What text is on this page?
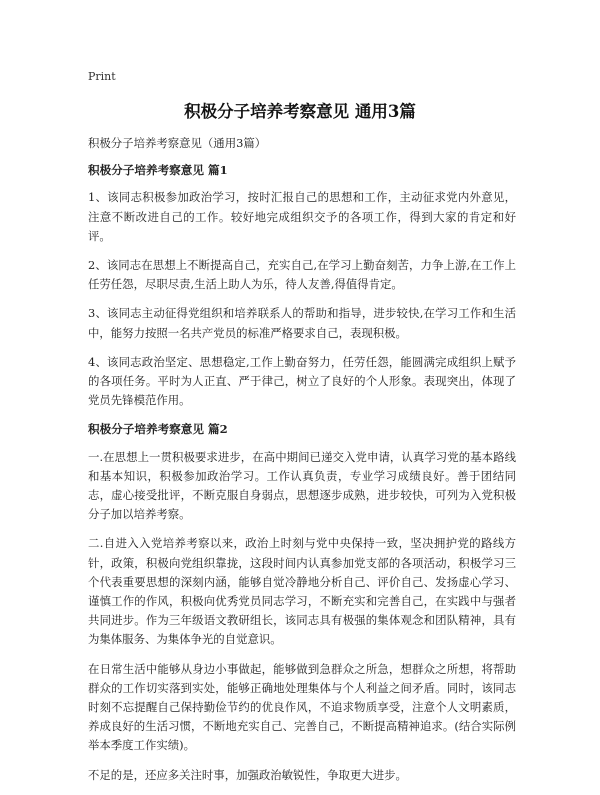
Print
积极分子培养考察意见 通用3篇
积极分子培养考察意见（通用3篇）
积极分子培养考察意见 篇1
1、该同志积极参加政治学习，按时汇报自己的思想和工作，主动征求党内外意见，注意不断改进自己的工作。较好地完成组织交予的各项工作，得到大家的肯定和好评。
2、该同志在思想上不断提高自己，充实自己,在学习上勤奋刻苦，力争上游,在工作上任劳任怨，尽职尽责,生活上助人为乐，待人友善,得值得肯定。
3、该同志主动征得党组织和培养联系人的帮助和指导，进步较快,在学习工作和生活中，能努力按照一名共产党员的标准严格要求自己，表现积极。
4、该同志政治坚定、思想稳定,工作上勤奋努力，任劳任怨，能圆满完成组织上赋予的各项任务。平时为人正直、严于律己，树立了良好的个人形象。表现突出，体现了党员先锋模范作用。
积极分子培养考察意见 篇2
一.在思想上一贯积极要求进步，在高中期间已递交入党申请，认真学习党的基本路线和基本知识，积极参加政治学习。工作认真负责，专业学习成绩良好。善于团结同志，虚心接受批评，不断克服自身弱点，思想逐步成熟，进步较快，可列为入党积极分子加以培养考察。
二.自进入入党培养考察以来，政治上时刻与党中央保持一致，坚决拥护党的路线方针，政策，积极向党组织靠拢，这段时间内认真参加党支部的各项活动，积极学习三个代表重要思想的深刻内涵，能够自觉冷静地分析自己、评价自己、发扬虚心学习、谨慎工作的作风，积极向优秀党员同志学习，不断充实和完善自己，在实践中与强者共同进步。作为三年级语文教研组长，该同志具有极强的集体观念和团队精神，具有为集体服务、为集体争光的自觉意识。
在日常生活中能够从身边小事做起，能够做到急群众之所急，想群众之所想，将帮助群众的工作切实落到实处，能够正确地处理集体与个人利益之间矛盾。同时，该同志时刻不忘提醒自己保持勤俭节约的优良作风，不追求物质享受，注意个人文明素质，养成良好的生活习惯，不断地充实自己、完善自己，不断提高精神追求。(结合实际例举本季度工作实绩)。
不足的是，还应多关注时事，加强政治敏锐性，争取更大进步。
